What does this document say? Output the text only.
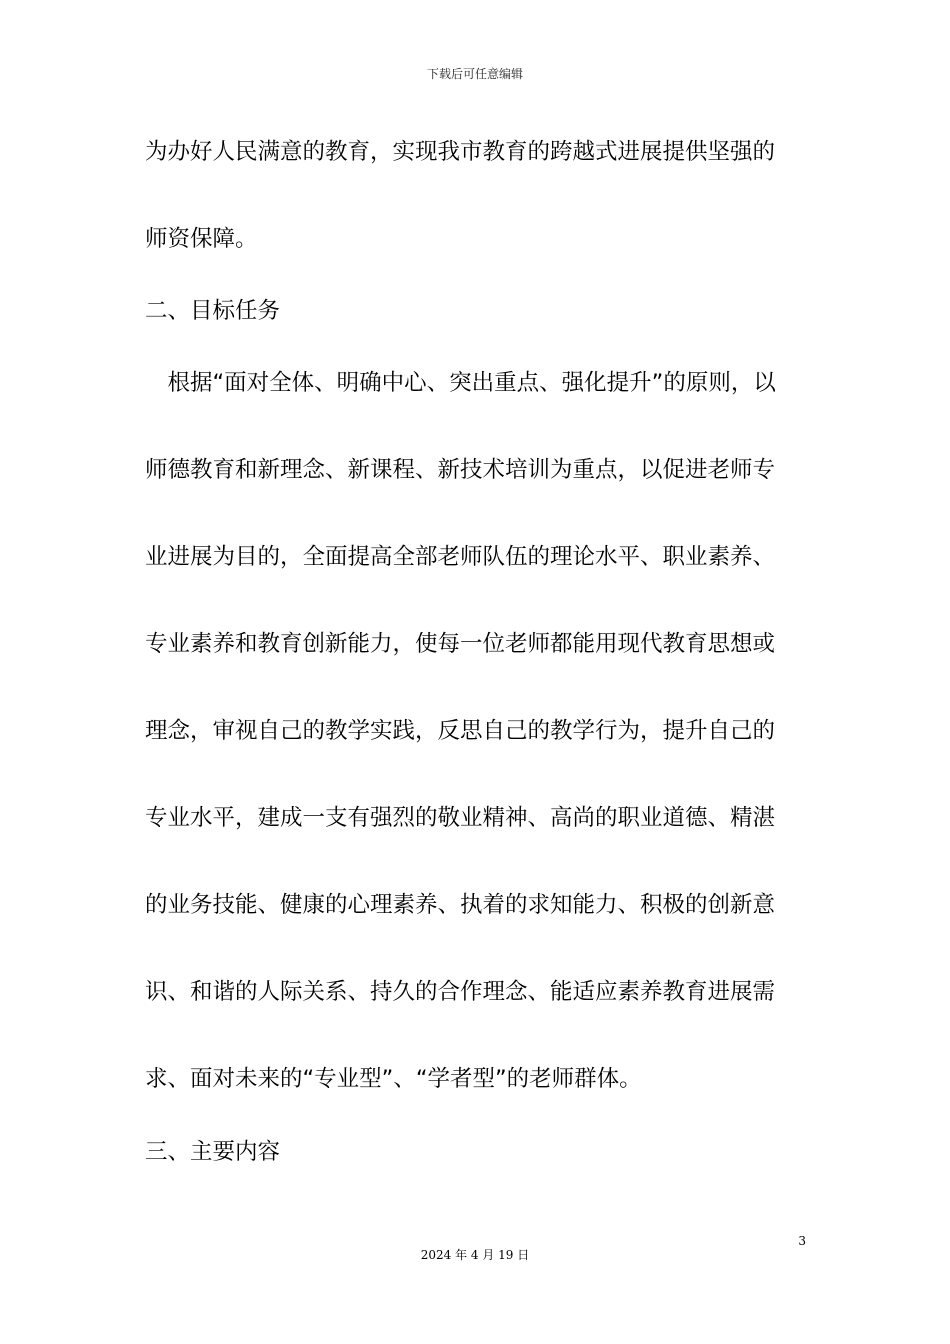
下载后可任意编辑
为办好人民满意的教育，实现我市教育的跨越式进展提供坚强的
师资保障。
二、目标任务
　根据“面对全体、明确中心、突出重点、强化提升”的原则，以
师德教育和新理念、新课程、新技术培训为重点，以促进老师专
业进展为目的，全面提高全部老师队伍的理论水平、职业素养、
专业素养和教育创新能力，使每一位老师都能用现代教育思想或
理念，审视自己的教学实践，反思自己的教学行为，提升自己的
专业水平，建成一支有强烈的敬业精神、高尚的职业道德、精湛
的业务技能、健康的心理素养、执着的求知能力、积极的创新意
识、和谐的人际关系、持久的合作理念、能适应素养教育进展需
求、面对未来的“专业型”、“学者型”的老师群体。
三、主要内容
3
2024 年 4 月 19 日
